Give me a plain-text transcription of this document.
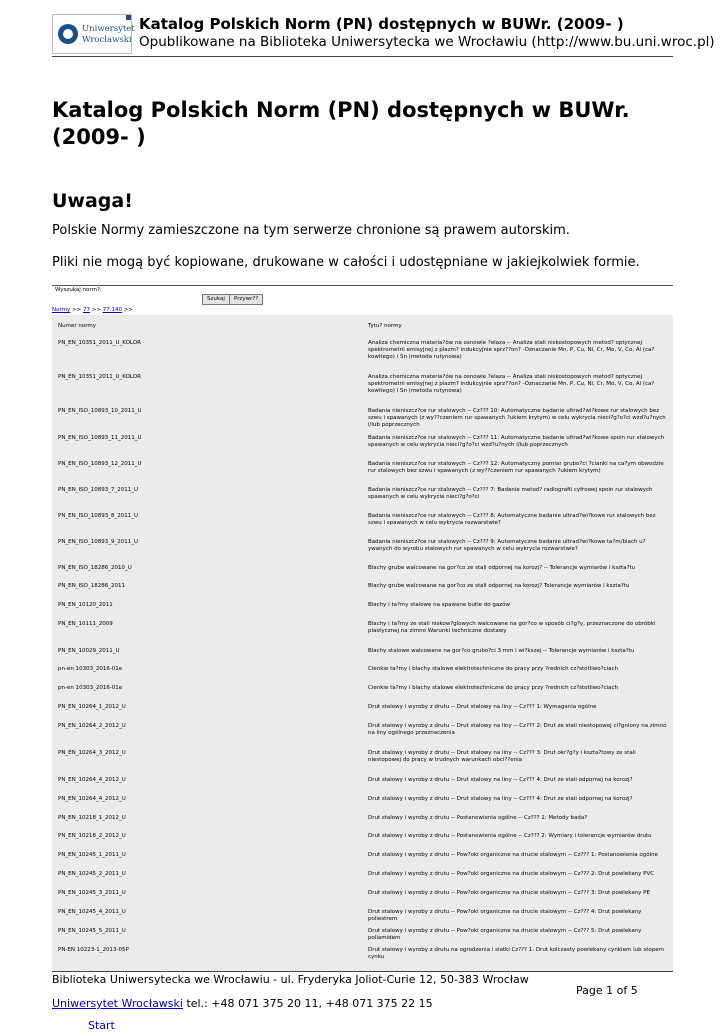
Uniwersytet
Wrocławski
Katalog Polskich Norm (PN) dostępnych w BUWr. (2009- )
Opublikowane na Biblioteka Uniwersytecka we Wrocławiu (http://www.bu.uni.wroc.pl)
Katalog Polskich Norm (PN) dostępnych w BUWr. (2009- )
Uwaga!

Polskie Normy zamieszczone na tym serwerze chronione są prawem autorskim.

Pliki nie mogą być kopiowane, drukowane w całości i udostępniane w jakiejkolwiek formie.

Wyszukaj norm?:
Szukaj	Przywr??
Normy >> 77 >> 77.140 >>
Numer normy	Tytu? normy
PN_EN_10351_2011_U_KOLOR	Analiza chemiczna materia?ów na osnowie ?elaza -- Analiza stali niskostopowych metod? optycznej spektrometrii emisyjnej z plazm? indukcyjnie sprz??on? -Oznaczanie Mn, P, Cu, Ni, Cr, Mo, V, Co, Al (ca?kowitego) i Sn (metoda rutynowa)
PN_EN_10351_2011_U_KOLOR	Analiza chemiczna materia?ów na osnowie ?elaza -- Analiza stali niskostopowych metod? optycznej spektrometrii emisyjnej z plazm? indukcyjnie sprz??on? -Oznaczanie Mn, P, Cu, Ni, Cr, Mo, V, Co, Al (ca?kowitego) i Sn (metoda rutynowa)
PN_EN_ISO_10893_10_2011_U	Badania nieniszcz?ce rur stalowych -- Cz??? 10: Automatyczne badanie ultrad?wi?kowe rur stalowych bez szwu i spawanych (z wy??czeniem rur spawanych ?ukiem krytym) w celu wykrycia nieci?g?o?ci wzd?u?nych i/lub poprzecznych
PN_EN_ISO_10893_11_2011_U	Badania nieniszcz?ce rur stalowych -- Cz??? 11: Automatyczne badanie ultrad?wi?kowe spoin rur stalowych spawanych w celu wykrycia nieci?g?o?ci wzd?u?nych i/lub poprzecznych
PN_EN_ISO_10893_12_2011_U	Badania nieniszcz?ce rur stalowych -- Cz??? 12: Automatyczny pomiar grubo?ci ?cianki na ca?ym obwodzie rur stalowych bez szwu i spawanych (z wy??czeniem rur spawanych ?ukiem krytym)
PN_EN_ISO_10893_7_2011_U	Badania nieniszcz?ce rur stalowych -- Cz??? 7: Badanie metod? radiografii cyfrowej spoin rur stalowych spawanych w celu wykrycia nieci?g?o?ci
PN_EN_ISO_10893_8_2011_U	Badania nieniszcz?ce rur stalowych -- Cz??? 8: Automatyczne badanie ultrad?wi?kowe rur stalowych bez szwu i spawanych w celu wykrycia rozwarstwie?
PN_EN_ISO_10893_9_2011_U	Badania nieniszcz?ce rur stalowych -- Cz??? 9: Automatyczne badanie ultrad?wi?kowe ta?m/blach u?ywanych do wyrobu stalowych rur spawanych w celu wykrycia rozwarstwie?
PN_EN_ISO_18286_2010_U	Blachy grube walcowane na gor?co ze stali odpornej na korozj? -- Tolerancje wymiarów i kszta?tu
PN_EN_ISO_18286_2011	Blachy grube walcowane na gor?co ze stali odpornej na korozj? Tolerancje wymiarów i kszta?tu
PN_EN_10120_2011	Blachy i ta?my stalowe na spawane butle do gazów
PN_EN_10111_2009	Blachy i ta?my ze stali niskow?glowych walcowane na gor?co w sposób ci?g?y, przeznaczone do obróbki plastycznej na zimno Warunki techniczne dostawy
PN_EN_10029_2011_U	Blachy stalowe walcowane na gor?co grubo?ci 3 mm i wi?kszej -- Tolerancje wymiarów i kszta?tu
pn-en 10303_2016-01e	Cienkie ta?my i blachy stalowe elektrotechniczne do pracy przy ?rednich cz?stotliwo?ciach
pn-en 10303_2016-01e	Cienkie ta?my i blachy stalowe elektrotechniczne do pracy przy ?rednich cz?stotliwo?ciach
PN_EN_10264_1_2012_U	Drut stalowy i wyroby z drutu -- Drut stalowy na liny -- Cz??? 1: Wymagania ogólne
PN_EN_10264_2_2012_U	Drut stalowy i wyroby z drutu -- Drut stalowy na liny -- Cz??? 2: Drut ze stali niestopowej ci?gniony na zimno na liny ogólnego przeznaczenia
PN_EN_10264_3_2012_U	Drut stalowy i wyroby z drutu -- Drut stalowy na liny -- Cz??? 3: Drut okr?g?y i kszta?towy ze stali niestopowej do pracy w trudnych warunkach obci??enia
PN_EN_10264_4_2012_U	Drut stalowy i wyroby z drutu -- Drut stalowy na liny -- Cz??? 4: Drut ze stali odpornej na korozj?
PN_EN_10264_4_2012_U	Drut stalowy i wyroby z drutu -- Drut stalowy na liny -- Cz??? 4: Drut ze stali odpornej na korozj?
PN_EN_10218_1_2012_U	Drut stalowy i wyroby z drutu -- Postanowienia ogólne -- Cz??? 1: Metody bada?
PN_EN_10218_2_2012_U	Drut stalowy i wyroby z drutu -- Postanowienia ogólne -- Cz??? 2: Wymiary i tolerancje wymiarów drutu
PN_EN_10245_1_2011_U	Drut stalowy i wyroby z drutu -- Pow?oki organiczne na drucie stalowym -- Cz??? 1: Postanowienia ogólne
PN_EN_10245_2_2011_U	Drut stalowy i wyroby z drutu -- Pow?oki organiczne na drucie stalowym -- Cz??? 2: Drut powlekany PVC
PN_EN_10245_3_2011_U	Drut stalowy i wyroby z drutu -- Pow?oki organiczne na drucie stalowym -- Cz??? 3: Drut powlekany PE
PN_EN_10245_4_2011_U	Drut stalowy i wyroby z drutu -- Pow?oki organiczne na drucie stalowym -- Cz??? 4: Drut powlekany poliestrem
PN_EN_10245_5_2011_U	Drut stalowy i wyroby z drutu -- Pow?oki organiczne na drucie stalowym -- Cz??? 5: Drut powlekany poliamidem
PN-EN 10223-1_2013-05P	Drut stalowy i wyroby z drutu na ogrodzenia i siatki Cz??? 1: Drut kolczasty powlekany cynkiem lub stopem cynku
Biblioteka Uniwersytecka we Wrocławiu - ul. Fryderyka Joliot-Curie 12, 50-383 Wrocław
Page 1 of 5
Uniwersytet Wrocławski tel.: +48 071 375 20 11, +48 071 375 22 15
Start
